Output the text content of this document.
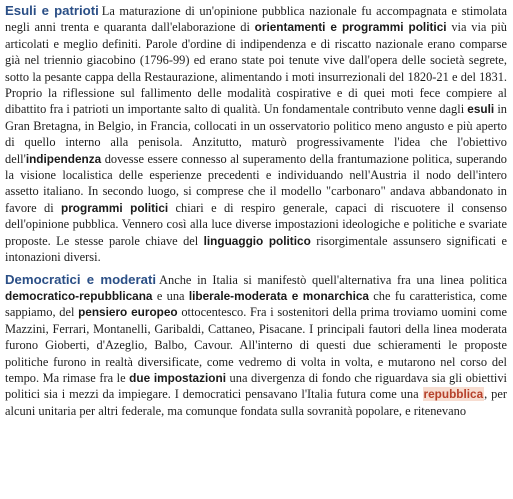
Esuli e patrioti La maturazione di un'opinione pubblica nazionale fu accompagnata e stimolata negli anni trenta e quaranta dall'elaborazione di orientamenti e programmi politici via via più articolati e meglio definiti. Parole d'ordine di indipendenza e di riscatto nazionale erano comparse già nel triennio giacobino (1796-99) ed erano state poi tenute vive dall'opera delle società segrete, sotto la pesante cappa della Restaurazione, alimentando i moti insurrezionali del 1820-21 e del 1831. Proprio la riflessione sul fallimento delle modalità cospirative e di quei moti fece compiere al dibattito fra i patrioti un importante salto di qualità. Un fondamentale contributo venne dagli esuli in Gran Bretagna, in Belgio, in Francia, collocati in un osservatorio politico meno angusto e più aperto di quello interno alla penisola. Anzitutto, maturò progressivamente l'idea che l'obiettivo dell'indipendenza dovesse essere connesso al superamento della frantumazione politica, superando la visione localistica delle esperienze precedenti e individuando nell'Austria il nodo dell'intero assetto italiano. In secondo luogo, si comprese che il modello "carbonaro" andava abbandonato in favore di programmi politici chiari e di respiro generale, capaci di riscuotere il consenso dell'opinione pubblica. Vennero così alla luce diverse impostazioni ideologiche e politiche e svariate proposte. Le stesse parole chiave del linguaggio politico risorgimentale assunsero significati e intonazioni diversi.

Democratici e moderati Anche in Italia si manifestò quell'alternativa fra una linea politica democratico-repubblicana e una liberale-moderata e monarchica che fu caratteristica, come sappiamo, del pensiero europeo ottocentesco. Fra i sostenitori della prima troviamo uomini come Mazzini, Ferrari, Montanelli, Garibaldi, Cattaneo, Pisacane. I principali fautori della linea moderata furono Gioberti, d'Azeglio, Balbo, Cavour. All'interno di questi due schieramenti le proposte politiche furono in realtà diversificate, come vedremo di volta in volta, e mutarono nel corso del tempo. Ma rimase fra le due impostazioni una divergenza di fondo che riguardava sia gli obiettivi politici sia i mezzi da impiegare. I democratici pensavano l'Italia futura come una repubblica, per alcuni unitaria per altri federale, ma comunque fondata sulla sovranità popolare, e ritenevano
